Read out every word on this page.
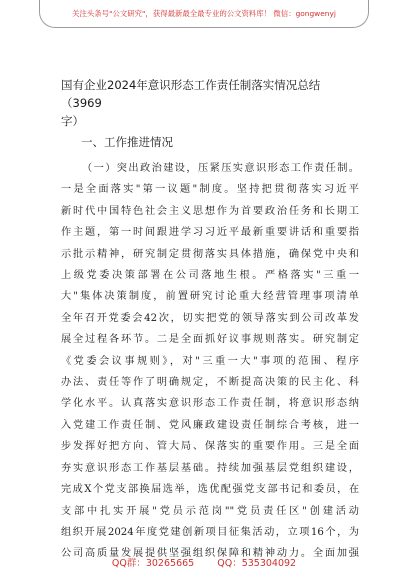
关注头条号"公文研究"，获得最新最全最专业的公文资料库！ 微信：gongwenyj
国有企业2024年意识形态工作责任制落实情况总结（3969
字）
一、工作推进情况
（一）突出政治建设，压紧压实意识形态工作责任制。
一是全面落实"第一议题"制度。坚持把贯彻落实习近平
新时代中国特色社会主义思想作为首要政治任务和长期工
作主题，第一时间跟进学习习近平最新重要讲话和重要指
示批示精神，研究制定贯彻落实具体措施，确保党中央和
上级党委决策部署在公司落地生根。严格落实"三重一
大"集体决策制度，前置研究讨论重大经营管理事项清单
全年召开党委会42次，切实把党的领导落实到公司改革发
展全过程各环节。二是全面抓好议事规则落实。研究制定
《党委会议事规则》，对"三重一大"事项的范围、程序
办法、责任等作了明确规定，不断提高决策的民主化、科
学化水平。认真落实意识形态工作责任制，将意识形态纳
入党建工作责任制、党风廉政建设责任制综合考核，进一
步发挥好把方向、管大局、保落实的重要作用。三是全面
夯实意识形态工作基层基础。持续加强基层党组织建设，
完成X个党支部换届选举，选优配强党支部书记和委员，在
支部中扎实开展"党员示范岗""党员责任区"创建活动
组织开展2024年度党建创新项目征集活动，立项16个，为
公司高质量发展提供坚强组织保障和精神动力。全面加强
QQ群：30265665 QQ：535304092
